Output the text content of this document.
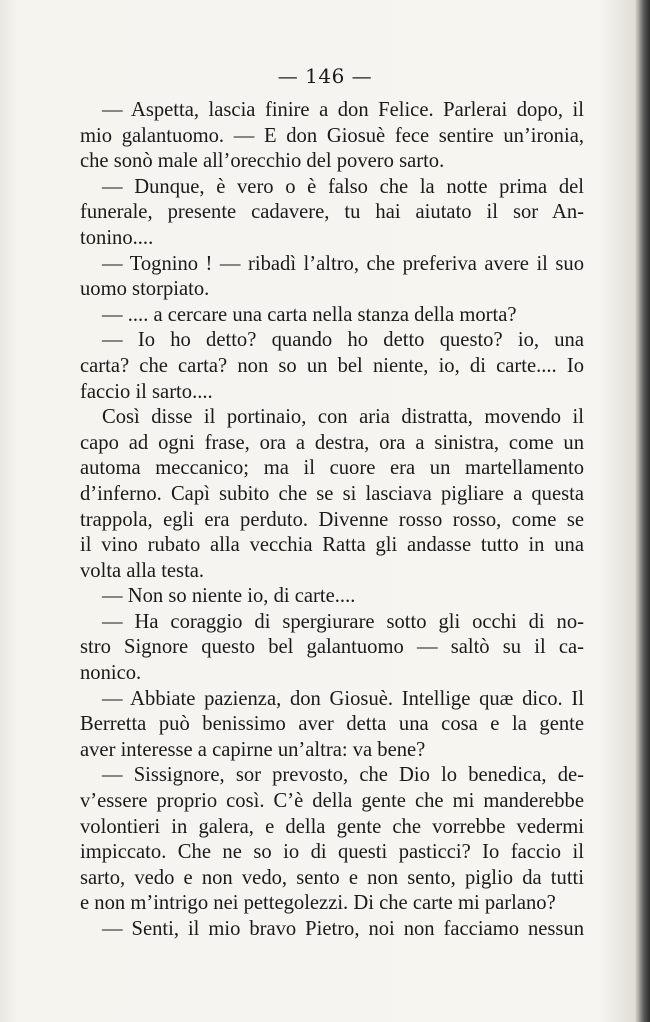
— 146 —
— Aspetta, lascia finire a don Felice. Parlerai dopo, il
mio galantuomo. — E don Giosuè fece sentire un’ironia,
che sonò male all’orecchio del povero sarto.
— Dunque, è vero o è falso che la notte prima del
funerale, presente cadavere, tu hai aiutato il sor An-
tonino....
— Tognino ! — ribadì l’altro, che preferiva avere il suo
uomo storpiato.
— .... a cercare una carta nella stanza della morta?
— Io ho detto? quando ho detto questo? io, una
carta? che carta? non so un bel niente, io, di carte.... Io
faccio il sarto....
Così disse il portinaio, con aria distratta, movendo il
capo ad ogni frase, ora a destra, ora a sinistra, come un
automa meccanico; ma il cuore era un martellamento
d’inferno. Capì subito che se si lasciava pigliare a questa
trappola, egli era perduto. Divenne rosso rosso, come se
il vino rubato alla vecchia Ratta gli andasse tutto in una
volta alla testa.
— Non so niente io, di carte....
— Ha coraggio di spergiurare sotto gli occhi di no-
stro Signore questo bel galantuomo — saltò su il ca-
nonico.
— Abbiate pazienza, don Giosuè. Intellige quæ dico. Il
Berretta può benissimo aver detta una cosa e la gente
aver interesse a capirne un’altra: va bene?
— Sissignore, sor prevosto, che Dio lo benedica, de-
v’essere proprio così. C’è della gente che mi manderebbe
volontieri in galera, e della gente che vorrebbe vedermi
impiccato. Che ne so io di questi pasticci? Io faccio il
sarto, vedo e non vedo, sento e non sento, piglio da tutti
e non m’intrigo nei pettegolezzi. Di che carte mi parlano?
— Senti, il mio bravo Pietro, noi non facciamo nessun
